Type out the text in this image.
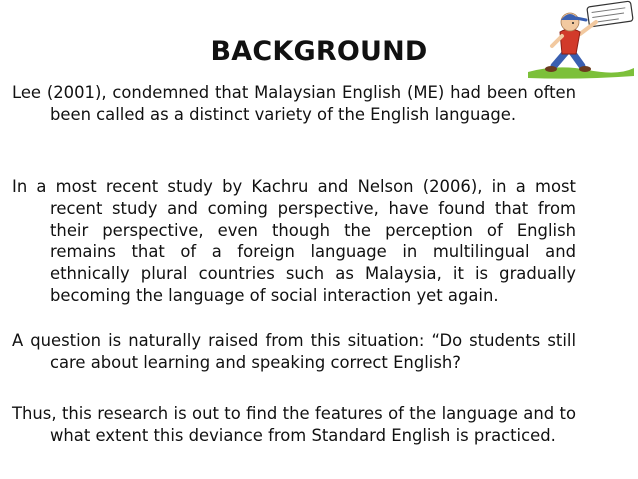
BACKGROUND

Lee (2001), condemned that Malaysian English (ME) had been often been called as a distinct variety of the English language.

In a most recent study by Kachru and Nelson (2006), in a most recent study and coming perspective, have found that from their perspective, even though the perception of English remains that of a foreign language in multilingual and ethnically plural countries such as Malaysia, it is gradually becoming the language of social interaction yet again.

A question is naturally raised from this situation: “Do students still care about learning and speaking correct English?

Thus, this research is out to find the features of the language and to what extent this deviance from Standard English is practiced.
